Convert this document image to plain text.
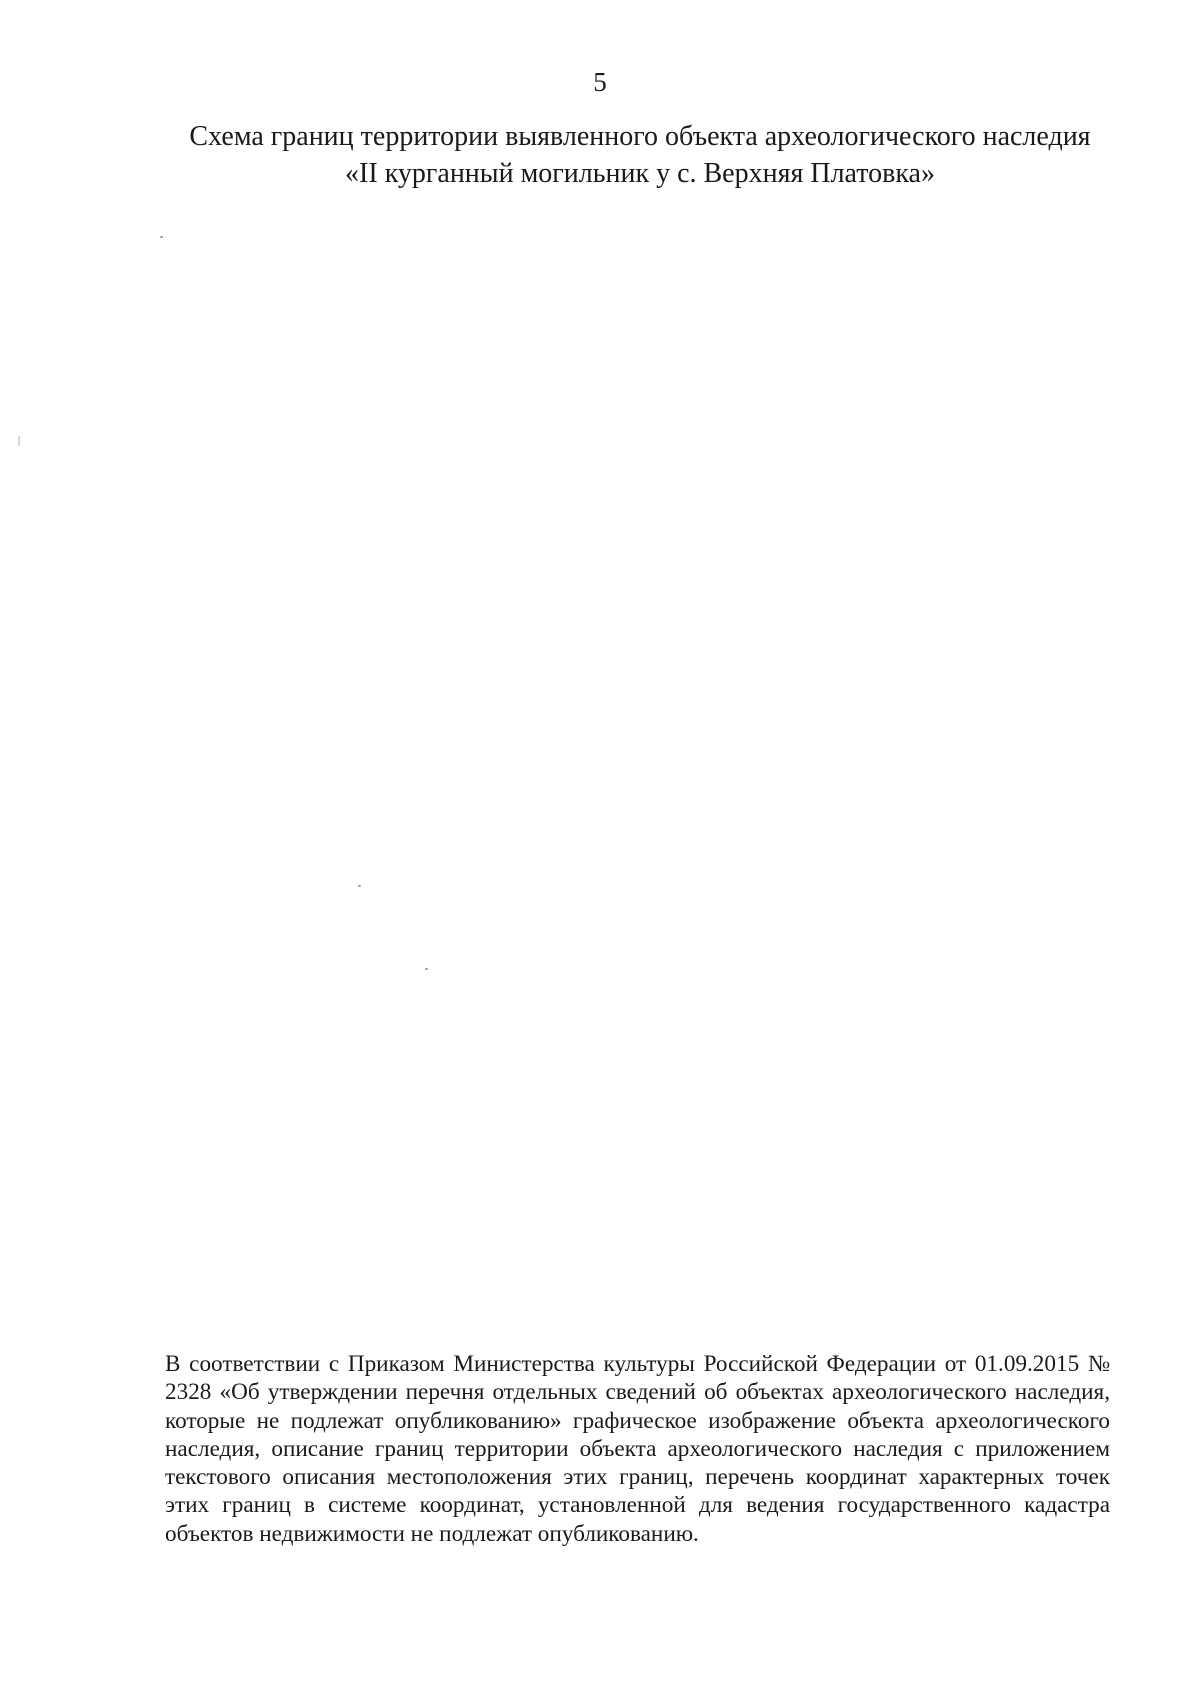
5
Схема границ территории выявленного объекта археологического наследия
«II курганный могильник у с. Верхняя Платовка»
В соответствии с Приказом Министерства культуры Российской Федерации от 01.09.2015 № 2328 «Об утверждении перечня отдельных сведений об объектах археологического наследия, которые не подлежат опубликованию» графическое изображение объекта археологического наследия, описание границ территории объекта археологического наследия с приложением текстового описания местоположения этих границ, перечень координат характерных точек этих границ в системе координат, установленной для ведения государственного кадастра объектов недвижимости не подлежат опубликованию.
